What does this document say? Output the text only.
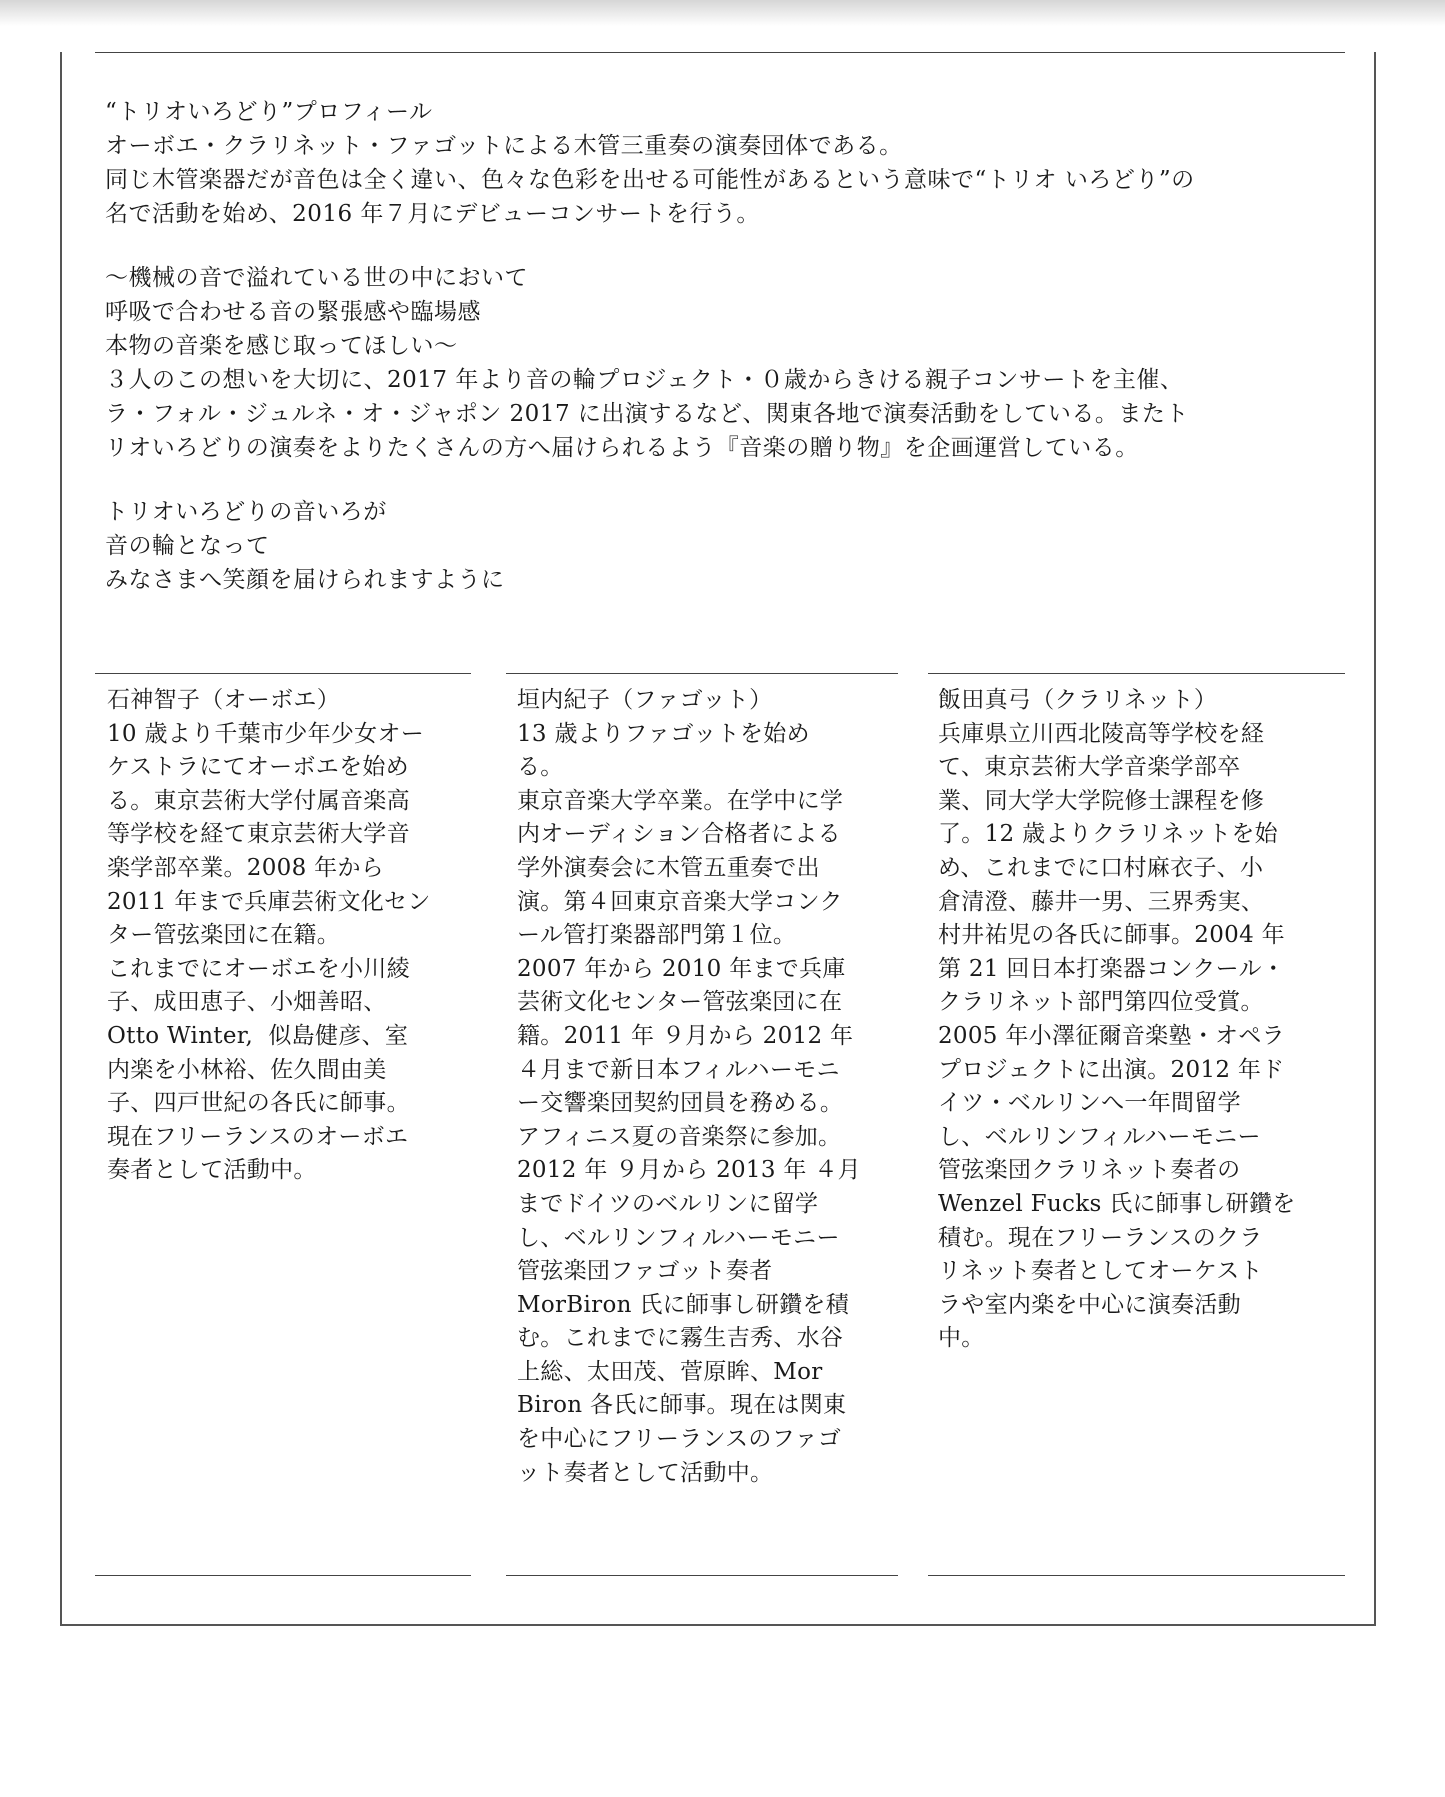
“トリオいろどり”プロフィール

オーボエ・クラリネット・ファゴットによる木管三重奏の演奏団体である。

同じ木管楽器だが音色は全く違い、色々な色彩を出せる可能性があるという意味で“トリオ いろどり”の

名で活動を始め、2016 年７月にデビューコンサートを行う。

〜機械の音で溢れている世の中において

呼吸で合わせる音の緊張感や臨場感

本物の音楽を感じ取ってほしい〜

３人のこの想いを大切に、2017 年より音の輪プロジェクト・０歳からきける親子コンサートを主催、

ラ・フォル・ジュルネ・オ・ジャポン 2017 に出演するなど、関東各地で演奏活動をしている。またト

リオいろどりの演奏をよりたくさんの方へ届けられるよう『音楽の贈り物』を企画運営している。

トリオいろどりの音いろが

音の輪となって

みなさまへ笑顔を届けられますように

石神智子（オーボエ）
10 歳より千葉市少年少女オー
ケストラにてオーボエを始め
る。東京芸術大学付属音楽高
等学校を経て東京芸術大学音
楽学部卒業。2008 年から
2011 年まで兵庫芸術文化セン
ター管弦楽団に在籍。
これまでにオーボエを小川綾
子、成田恵子、小畑善昭、
Otto Winter,  似島健彦、室
内楽を小林裕、佐久間由美
子、四戸世紀の各氏に師事。
現在フリーランスのオーボエ
奏者として活動中。
垣内紀子（ファゴット）
13 歳よりファゴットを始め
る。
東京音楽大学卒業。在学中に学
内オーディション合格者による
学外演奏会に木管五重奏で出
演。第４回東京音楽大学コンク
ール管打楽器部門第１位。
2007 年から 2010 年まで兵庫
芸術文化センター管弦楽団に在
籍。2011 年 ９月から 2012 年
４月まで新日本フィルハーモニ
ー交響楽団契約団員を務める。
アフィニス夏の音楽祭に参加。
2012 年 ９月から 2013 年 ４月
までドイツのベルリンに留学
し、ベルリンフィルハーモニー
管弦楽団ファゴット奏者
MorBiron 氏に師事し研鑽を積
む。これまでに霧生吉秀、水谷
上総、太田茂、菅原眸、Mor
Biron 各氏に師事。現在は関東
を中心にフリーランスのファゴ
ット奏者として活動中。
飯田真弓（クラリネット）
兵庫県立川西北陵高等学校を経
て、東京芸術大学音楽学部卒
業、同大学大学院修士課程を修
了。12 歳よりクラリネットを始
め、これまでに口村麻衣子、小
倉清澄、藤井一男、三界秀実、
村井祐児の各氏に師事。2004 年
第 21 回日本打楽器コンクール・
クラリネット部門第四位受賞。
2005 年小澤征爾音楽塾・オペラ
プロジェクトに出演。2012 年ド
イツ・ベルリンへ一年間留学
し、ベルリンフィルハーモニー
管弦楽団クラリネット奏者の
Wenzel Fucks 氏に師事し研鑽を
積む。現在フリーランスのクラ
リネット奏者としてオーケスト
ラや室内楽を中心に演奏活動
中。
